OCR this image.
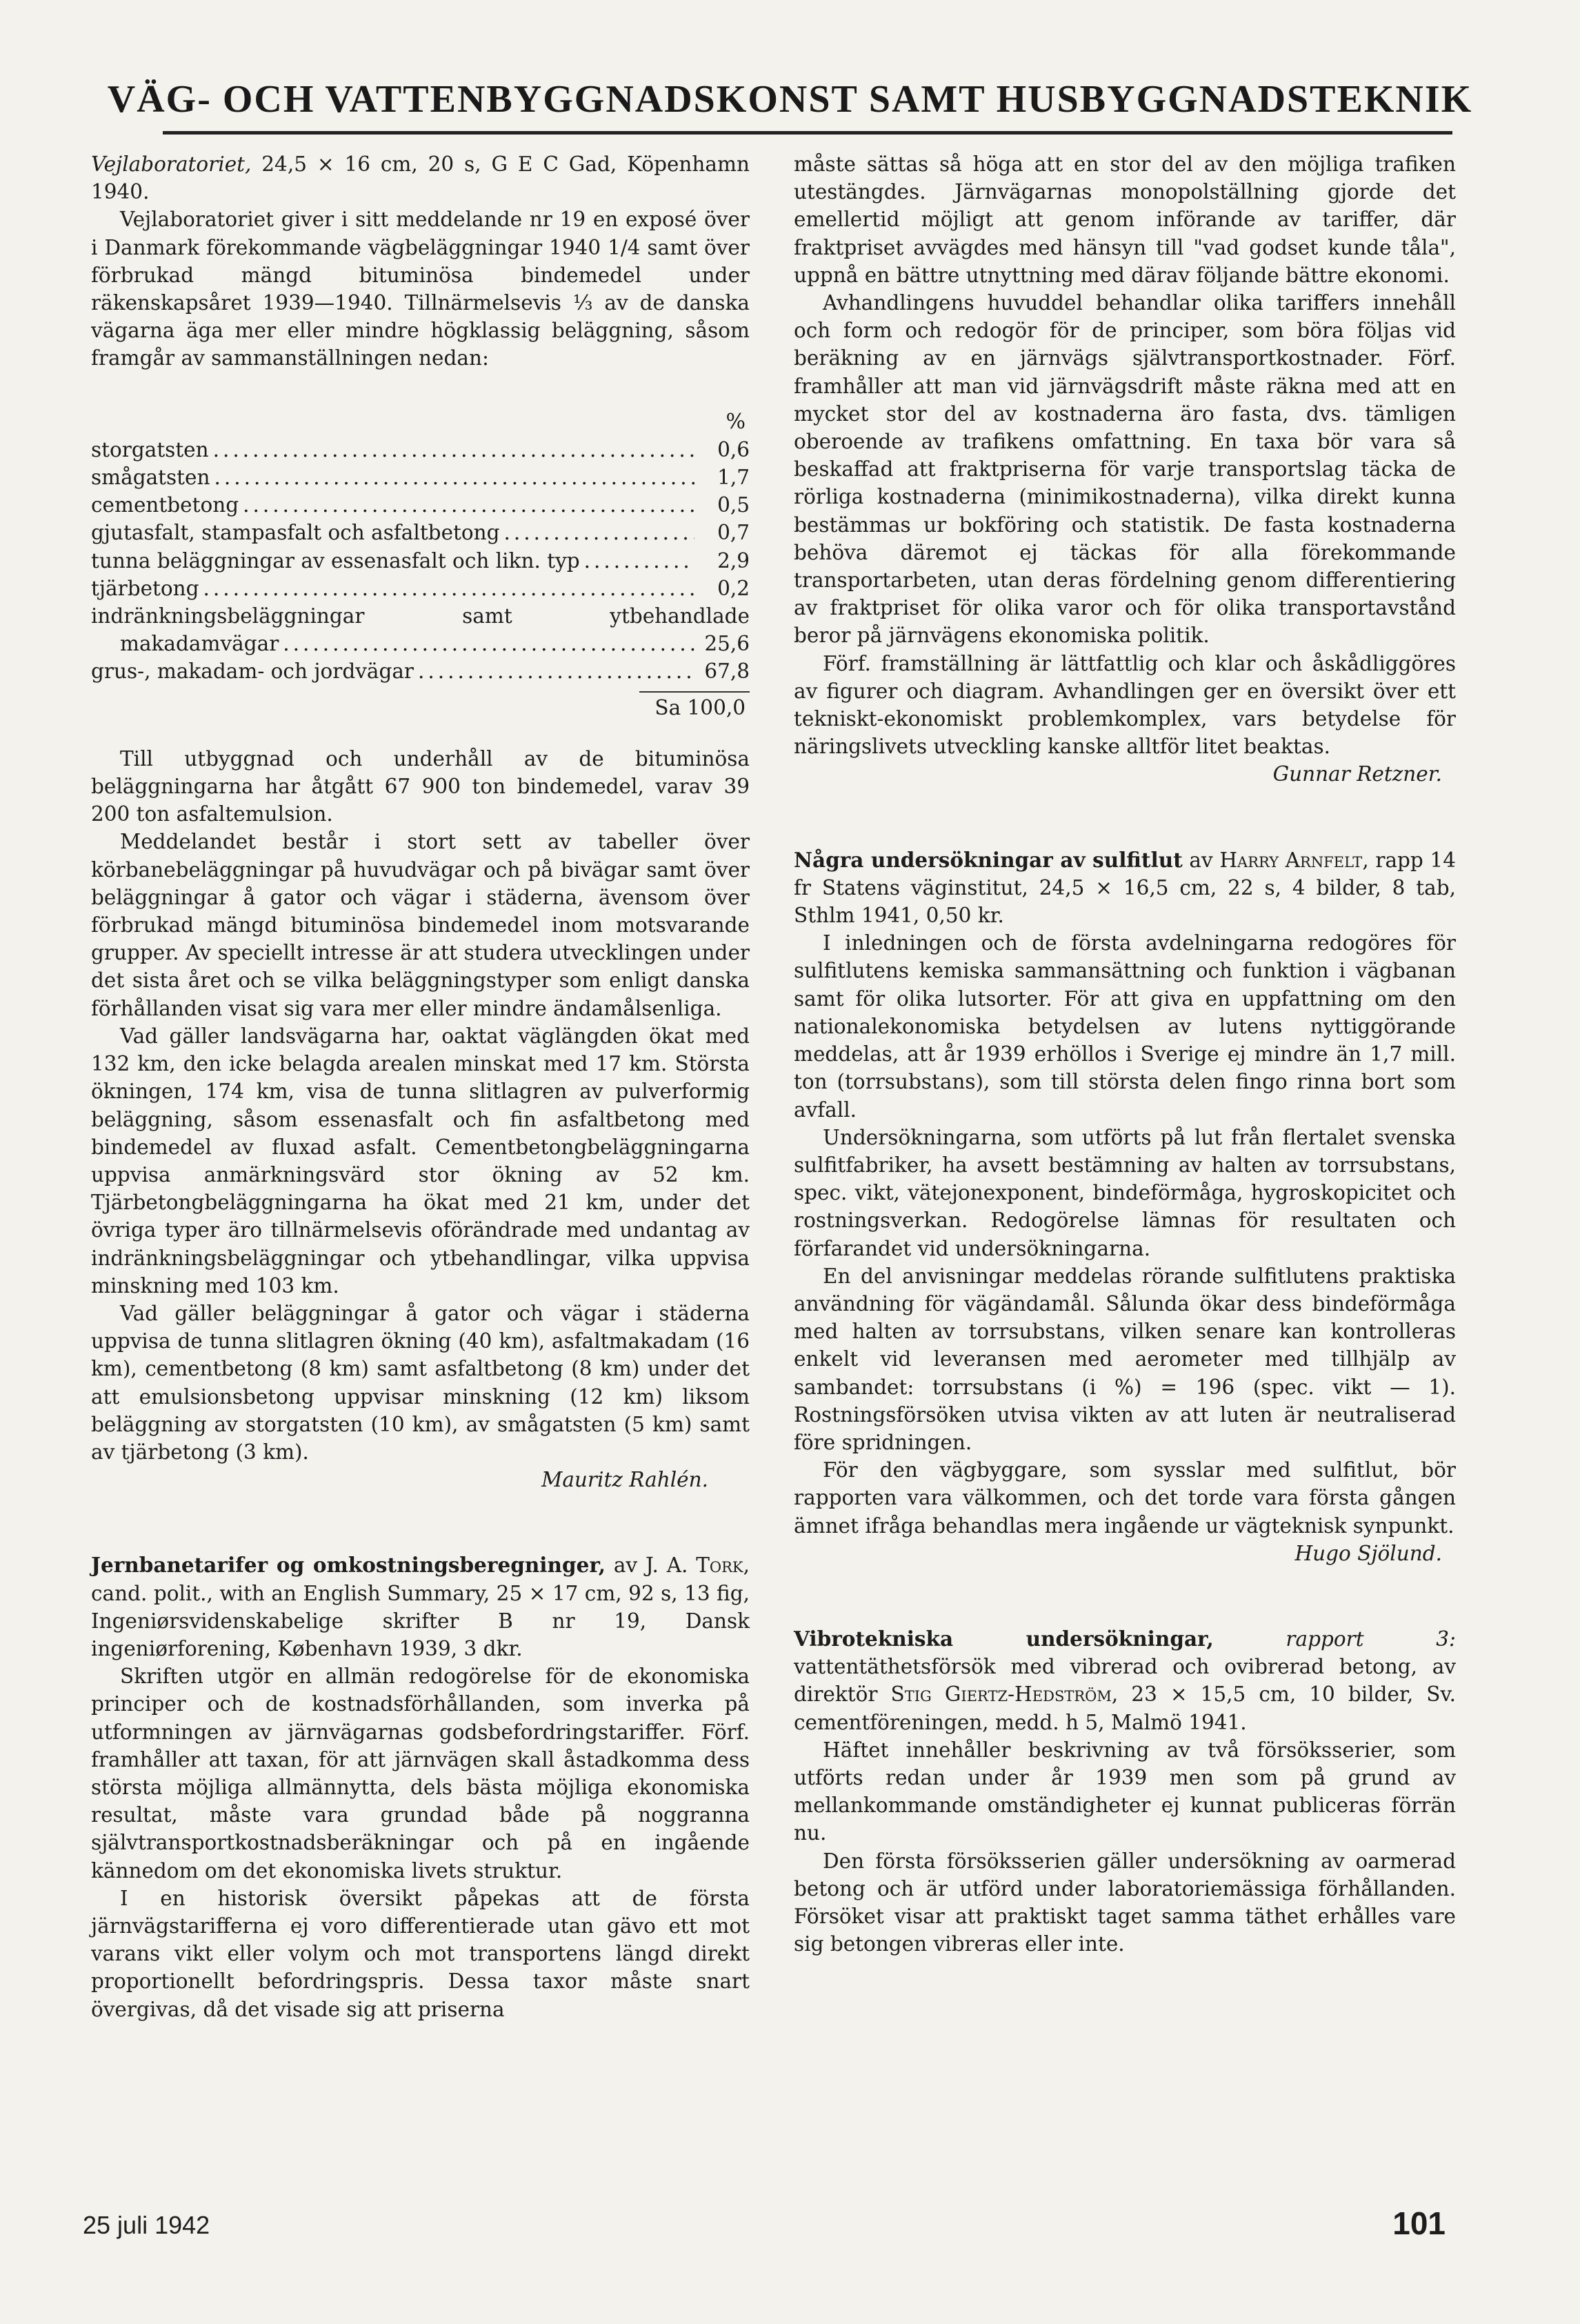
VÄG- OCH VATTENBYGGNADSKONST SAMT HUSBYGGNADSTEKNIK

Vejlaboratoriet, 24,5 × 16 cm, 20 s, G E C Gad, Köpenhamn 1940.

Vejlaboratoriet giver i sitt meddelande nr 19 en exposé över i Danmark förekommande vägbeläggningar 1940 1/4 samt över förbrukad mängd bituminösa bindemedel under räkenskapsåret 1939—1940. Tillnärmelsevis ⅓ av de danska vägarna äga mer eller mindre högklassig beläggning, såsom framgår av sammanställningen nedan:

%
storgatsten .....	0,6
smågatsten .....	1,7
cementbetong .....	0,5
gjutasfalt, stampasfalt och asfaltbetong .....	0,7
tunna beläggningar av essenasfalt och likn. typ .....	2,9
tjärbetong .....	0,2
indränkningsbeläggningar samt ytbehandlade
makadamvägar .....	25,6
grus-, makadam- och jordvägar .....	67,8
Sa 100,0

Till utbyggnad och underhåll av de bituminösa beläggningarna har åtgått 67 900 ton bindemedel, varav 39 200 ton asfaltemulsion.

Meddelandet består i stort sett av tabeller över körbanebeläggningar på huvudvägar och på bivägar samt över beläggningar å gator och vägar i städerna, ävensom över förbrukad mängd bituminösa bindemedel inom motsvarande grupper. Av speciellt intresse är att studera utvecklingen under det sista året och se vilka beläggningstyper som enligt danska förhållanden visat sig vara mer eller mindre ändamålsenliga.

Vad gäller landsvägarna har, oaktat väglängden ökat med 132 km, den icke belagda arealen minskat med 17 km. Största ökningen, 174 km, visa de tunna slitlagren av pulverformig beläggning, såsom essenasfalt och fin asfaltbetong med bindemedel av fluxad asfalt. Cementbetongbeläggningarna uppvisa anmärkningsvärd stor ökning av 52 km. Tjärbetongbeläggningarna ha ökat med 21 km, under det övriga typer äro tillnärmelsevis oförändrade med undantag av indränkningsbeläggningar och ytbehandlingar, vilka uppvisa minskning med 103 km.

Vad gäller beläggningar å gator och vägar i städerna uppvisa de tunna slitlagren ökning (40 km), asfaltmakadam (16 km), cementbetong (8 km) samt asfaltbetong (8 km) under det att emulsionsbetong uppvisar minskning (12 km) liksom beläggning av storgatsten (10 km), av smågatsten (5 km) samt av tjärbetong (3 km).

Mauritz Rahlén.

Jernbanetarifer og omkostningsberegninger, av J. A. Tork, cand. polit., with an English Summary, 25 × 17 cm, 92 s, 13 fig, Ingeniørsvidenskabelige skrifter B nr 19, Dansk ingeniørforening, København 1939, 3 dkr.

Skriften utgör en allmän redogörelse för de ekonomiska principer och de kostnadsförhållanden, som inverka på utformningen av järnvägarnas godsbefordringstariffer. Förf. framhåller att taxan, för att järnvägen skall åstadkomma dess största möjliga allmännytta, dels bästa möjliga ekonomiska resultat, måste vara grundad både på noggranna självtransportkostnadsberäkningar och på en ingående kännedom om det ekonomiska livets struktur.

I en historisk översikt påpekas att de första järnvägstarifferna ej voro differentierade utan gävo ett mot varans vikt eller volym och mot transportens längd direkt proportionellt befordringspris. Dessa taxor måste snart övergivas, då det visade sig att priserna

måste sättas så höga att en stor del av den möjliga trafiken utestängdes. Järnvägarnas monopolställning gjorde det emellertid möjligt att genom införande av tariffer, där fraktpriset avvägdes med hänsyn till "vad godset kunde tåla", uppnå en bättre utnyttning med därav följande bättre ekonomi.

Avhandlingens huvuddel behandlar olika tariffers innehåll och form och redogör för de principer, som böra följas vid beräkning av en järnvägs självtransportkostnader. Förf. framhåller att man vid järnvägsdrift måste räkna med att en mycket stor del av kostnaderna äro fasta, dvs. tämligen oberoende av trafikens omfattning. En taxa bör vara så beskaffad att fraktpriserna för varje transportslag täcka de rörliga kostnaderna (minimikostnaderna), vilka direkt kunna bestämmas ur bokföring och statistik. De fasta kostnaderna behöva däremot ej täckas för alla förekommande transportarbeten, utan deras fördelning genom differentiering av fraktpriset för olika varor och för olika transportavstånd beror på järnvägens ekonomiska politik.

Förf. framställning är lättfattlig och klar och åskådliggöres av figurer och diagram. Avhandlingen ger en översikt över ett tekniskt-ekonomiskt problemkomplex, vars betydelse för näringslivets utveckling kanske alltför litet beaktas.

Gunnar Retzner.

Några undersökningar av sulfitlut av Harry Arnfelt, rapp 14 fr Statens väginstitut, 24,5 × 16,5 cm, 22 s, 4 bilder, 8 tab, Sthlm 1941, 0,50 kr.

I inledningen och de första avdelningarna redogöres för sulfitlutens kemiska sammansättning och funktion i vägbanan samt för olika lutsorter. För att giva en uppfattning om den nationalekonomiska betydelsen av lutens nyttiggörande meddelas, att år 1939 erhöllos i Sverige ej mindre än 1,7 mill. ton (torrsubstans), som till största delen fingo rinna bort som avfall.

Undersökningarna, som utförts på lut från flertalet svenska sulfitfabriker, ha avsett bestämning av halten av torrsubstans, spec. vikt, vätejonexponent, bindeförmåga, hygroskopicitet och rostningsverkan. Redogörelse lämnas för resultaten och förfarandet vid undersökningarna.

En del anvisningar meddelas rörande sulfitlutens praktiska användning för vägändamål. Sålunda ökar dess bindeförmåga med halten av torrsubstans, vilken senare kan kontrolleras enkelt vid leveransen med aerometer med tillhjälp av sambandet: torrsubstans (i %) = 196 (spec. vikt — 1). Rostningsförsöken utvisa vikten av att luten är neutraliserad före spridningen.

För den vägbyggare, som sysslar med sulfitlut, bör rapporten vara välkommen, och det torde vara första gången ämnet ifråga behandlas mera ingående ur vägteknisk synpunkt.

Hugo Sjölund.

Vibrotekniska undersökningar, rapport 3: vattentäthetsförsök med vibrerad och ovibrerad betong, av direktör Stig Giertz-Hedström, 23 × 15,5 cm, 10 bilder, Sv. cementföreningen, medd. h 5, Malmö 1941.

Häftet innehåller beskrivning av två försöksserier, som utförts redan under år 1939 men som på grund av mellankommande omständigheter ej kunnat publiceras förrän nu.

Den första försöksserien gäller undersökning av oarmerad betong och är utförd under laboratoriemässiga förhållanden. Försöket visar att praktiskt taget samma täthet erhålles vare sig betongen vibreras eller inte.

25 juli 1942	101
